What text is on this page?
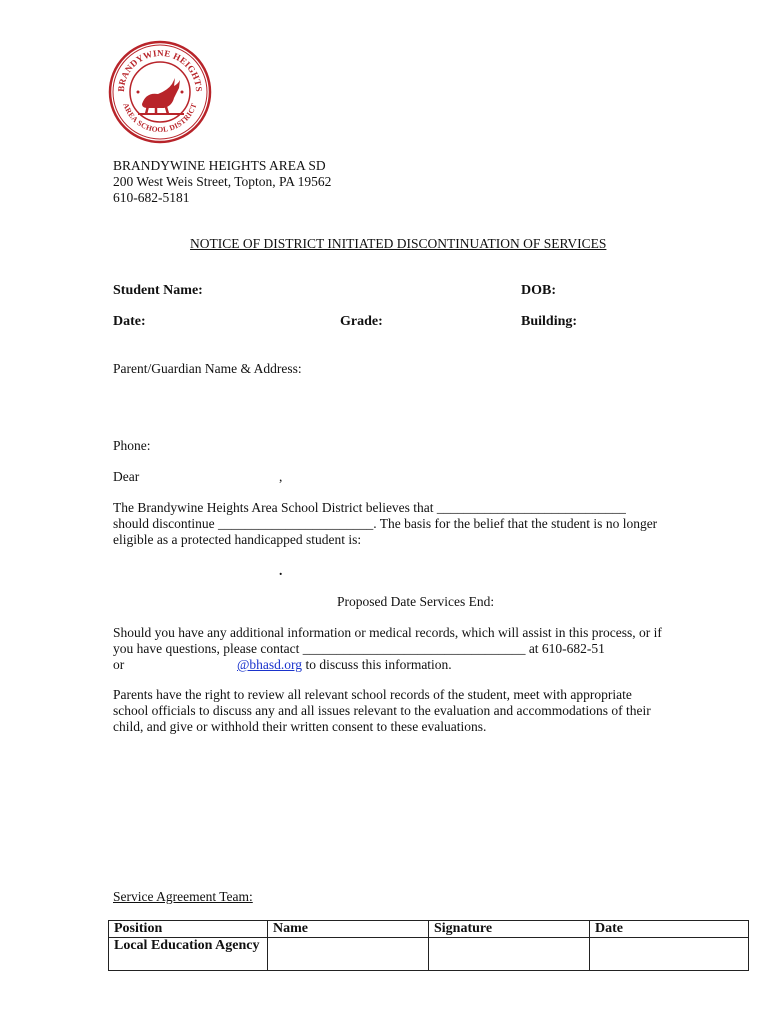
BRANDYWINE HEIGHTS
AREA SCHOOL DISTRICT
BRANDYWINE HEIGHTS AREA SD
200 West Weis Street, Topton, PA 19562
610-682-5181
NOTICE OF DISTRICT INITIATED DISCONTINUATION OF SERVICES
Student Name:	DOB:
Date:	Grade:	Building:
Parent/Guardian Name & Address:
Phone:
Dear	,
The Brandywine Heights Area School District believes that ____________________________
should discontinue _______________________. The basis for the belief that the student is no longer
eligible as a protected handicapped student is:
.
Proposed Date Services End:
Should you have any additional information or medical records, which will assist in this process, or if
you have questions, please contact _________________________________ at 610-682-51
or	@bhasd.org to discuss this information.
Parents have the right to review all relevant school records of the student, meet with appropriate
school officials to discuss any and all issues relevant to the evaluation and accommodations of their
child, and give or withhold their written consent to these evaluations.
Service Agreement Team:
Position	Name	Signature	Date
Local Education Agency			
